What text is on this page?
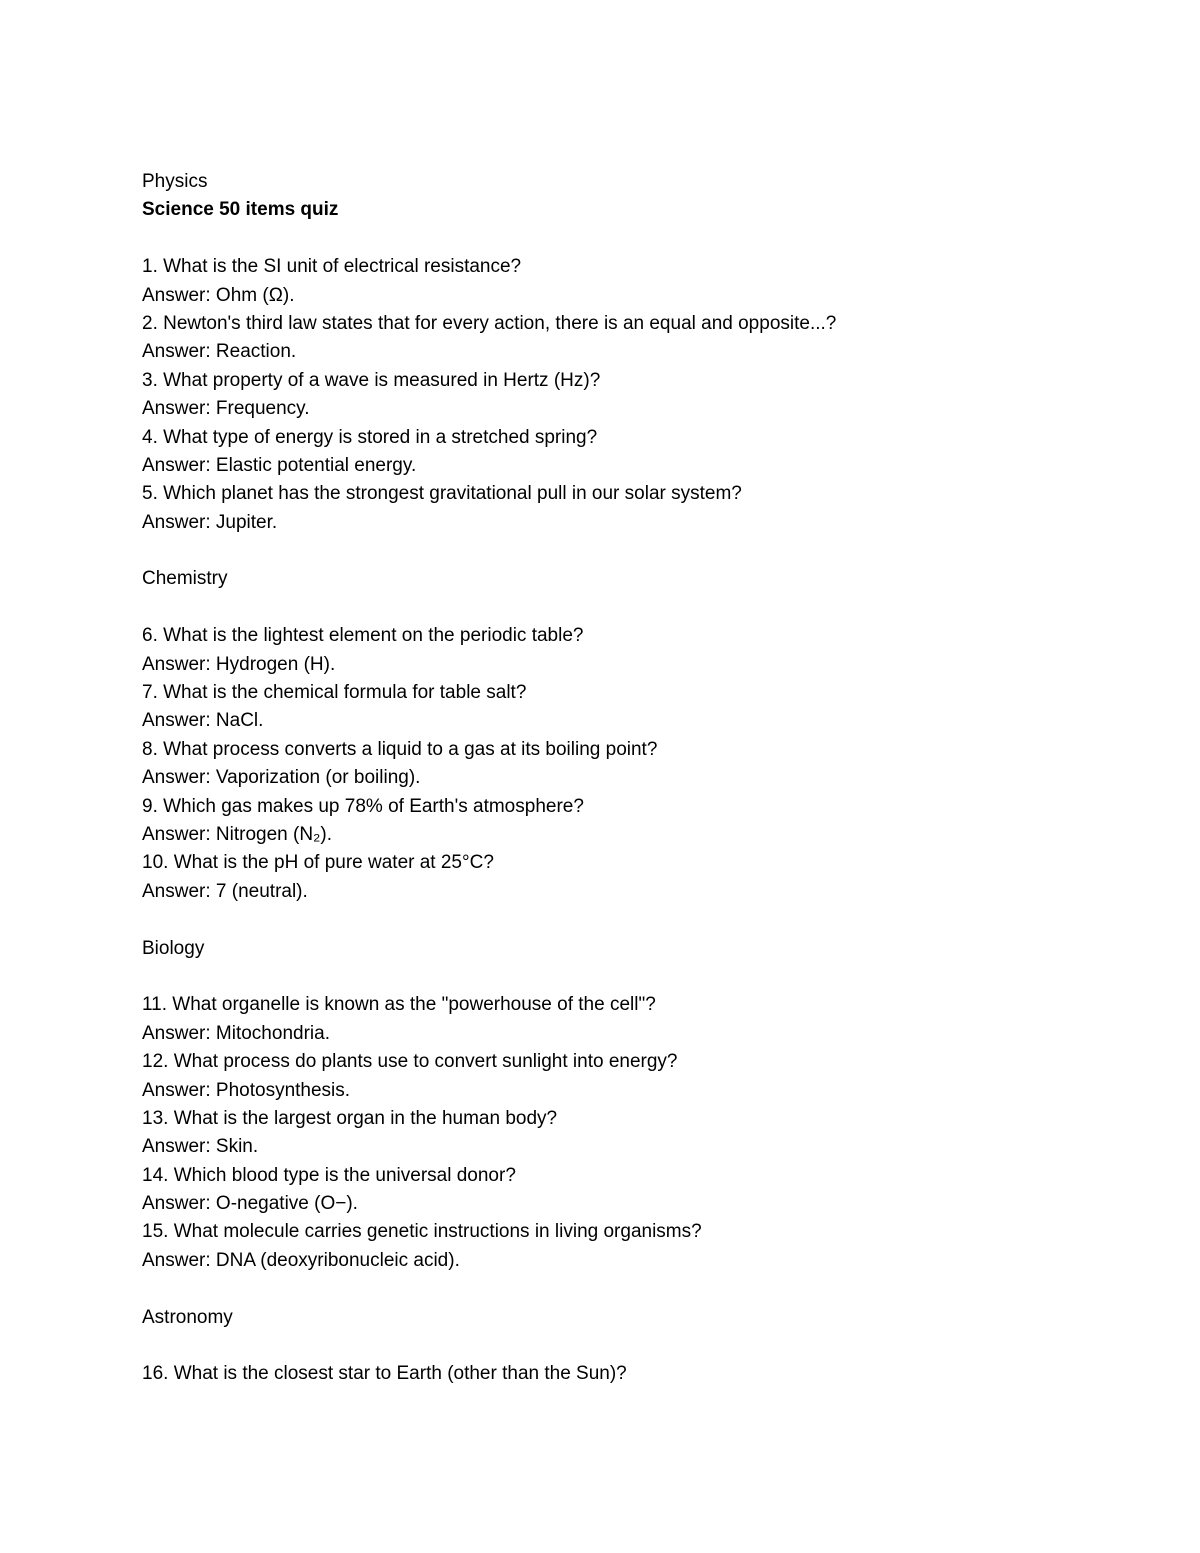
Physics
Science 50 items quiz
1. What is the SI unit of electrical resistance?
Answer: Ohm (Ω).
2. Newton's third law states that for every action, there is an equal and opposite...?
Answer: Reaction.
3. What property of a wave is measured in Hertz (Hz)?
Answer: Frequency.
4. What type of energy is stored in a stretched spring?
Answer: Elastic potential energy.
5. Which planet has the strongest gravitational pull in our solar system?
Answer: Jupiter.
Chemistry
6. What is the lightest element on the periodic table?
Answer: Hydrogen (H).
7. What is the chemical formula for table salt?
Answer: NaCl.
8. What process converts a liquid to a gas at its boiling point?
Answer: Vaporization (or boiling).
9. Which gas makes up 78% of Earth's atmosphere?
Answer: Nitrogen (N₂).
10. What is the pH of pure water at 25°C?
Answer: 7 (neutral).
Biology
11. What organelle is known as the "powerhouse of the cell"?
Answer: Mitochondria.
12. What process do plants use to convert sunlight into energy?
Answer: Photosynthesis.
13. What is the largest organ in the human body?
Answer: Skin.
14. Which blood type is the universal donor?
Answer: O-negative (O−).
15. What molecule carries genetic instructions in living organisms?
Answer: DNA (deoxyribonucleic acid).
Astronomy
16. What is the closest star to Earth (other than the Sun)?
